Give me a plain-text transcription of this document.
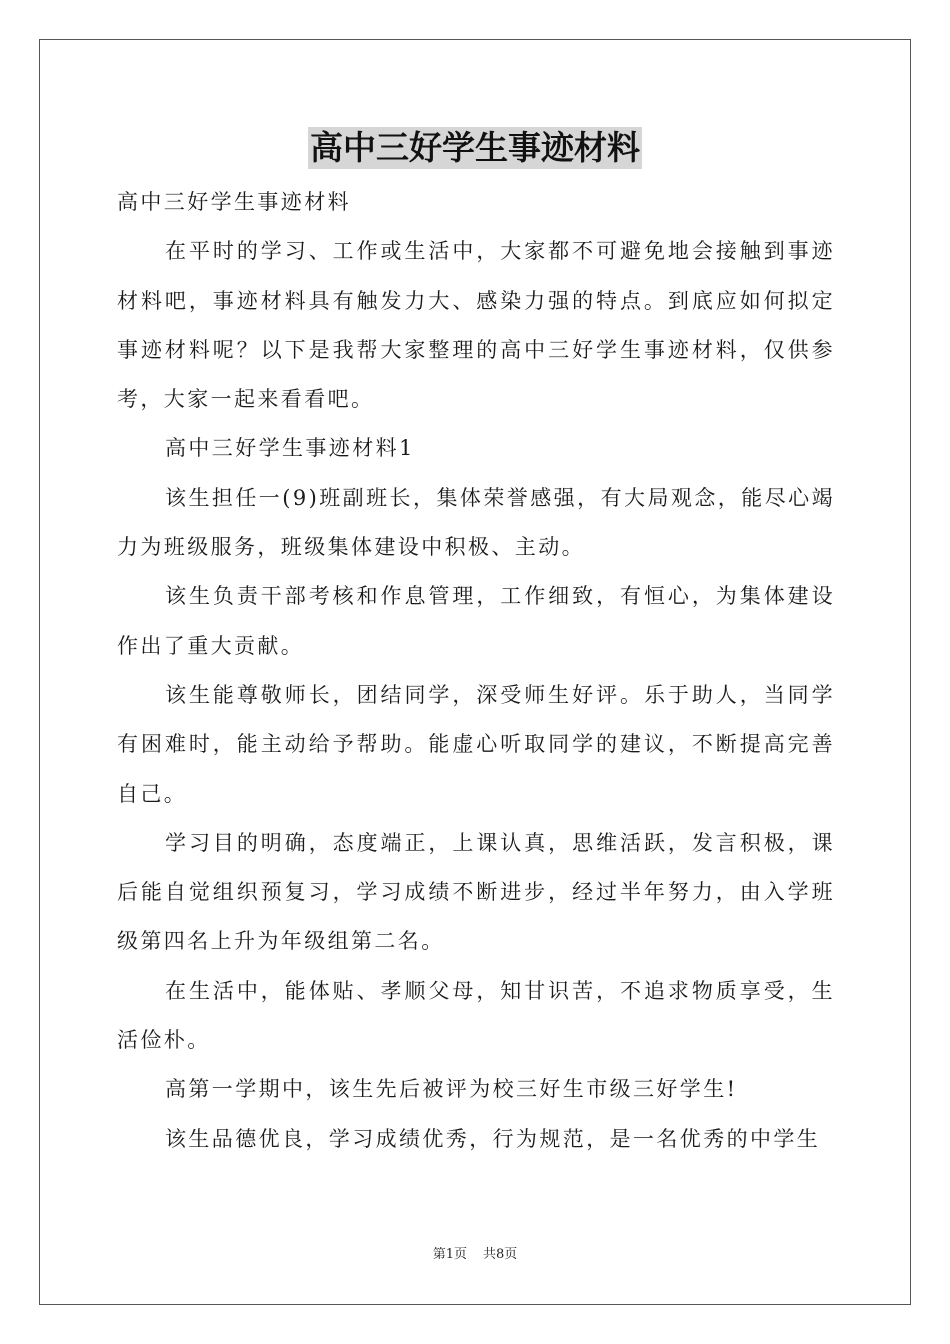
高中三好学生事迹材料

高中三好学生事迹材料

在平时的学习、工作或生活中，大家都不可避免地会接触到事迹材料吧，事迹材料具有触发力大、感染力强的特点。到底应如何拟定事迹材料呢？以下是我帮大家整理的高中三好学生事迹材料，仅供参考，大家一起来看看吧。

高中三好学生事迹材料1

该生担任一(9)班副班长，集体荣誉感强，有大局观念，能尽心竭力为班级服务，班级集体建设中积极、主动。

该生负责干部考核和作息管理，工作细致，有恒心，为集体建设作出了重大贡献。

该生能尊敬师长，团结同学，深受师生好评。乐于助人，当同学有困难时，能主动给予帮助。能虚心听取同学的建议，不断提高完善自己。

学习目的明确，态度端正，上课认真，思维活跃，发言积极，课后能自觉组织预复习，学习成绩不断进步，经过半年努力，由入学班级第四名上升为年级组第二名。

在生活中，能体贴、孝顺父母，知甘识苦，不追求物质享受，生活俭朴。

高第一学期中，该生先后被评为校三好生市级三好学生!

该生品德优良，学习成绩优秀，行为规范，是一名优秀的中学生

第1页 共8页
